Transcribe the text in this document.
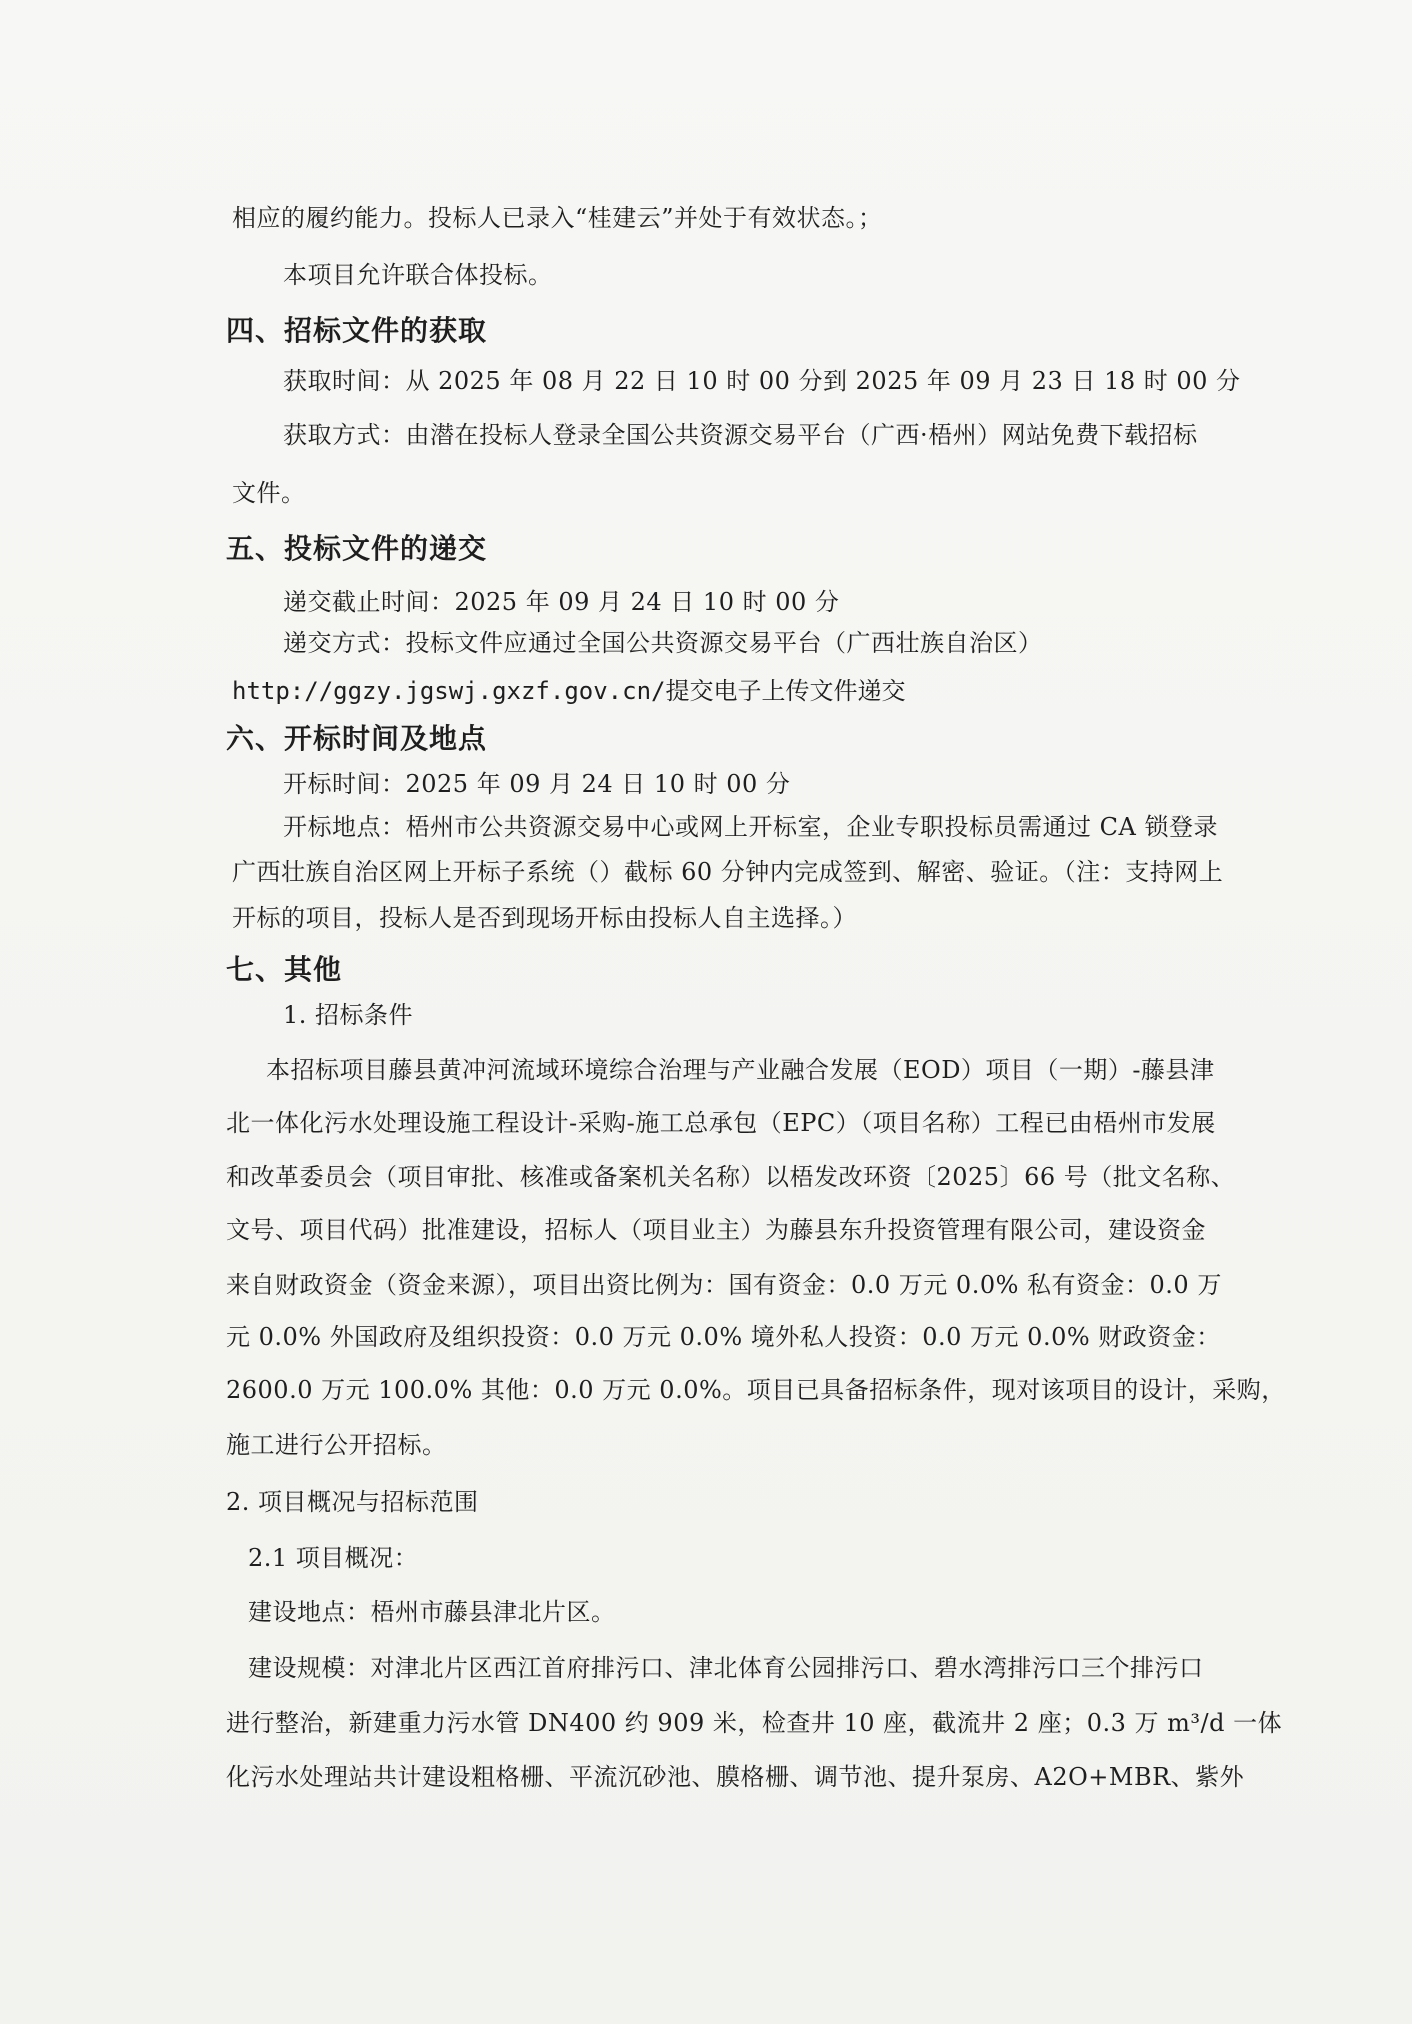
相应的履约能力。投标人已录入“桂建云”并处于有效状态。；
本项目允许联合体投标。
四、招标文件的获取
获取时间：从 2025 年 08 月 22 日 10 时 00 分到 2025 年 09 月 23 日 18 时 00 分
获取方式：由潜在投标人登录全国公共资源交易平台（广西·梧州）网站免费下载招标
文件。
五、投标文件的递交
递交截止时间：2025 年 09 月 24 日 10 时 00 分
递交方式：投标文件应通过全国公共资源交易平台（广西壮族自治区）
http://ggzy.jgswj.gxzf.gov.cn/提交电子上传文件递交
六、开标时间及地点
开标时间：2025 年 09 月 24 日 10 时 00 分
开标地点：梧州市公共资源交易中心或网上开标室，企业专职投标员需通过 CA 锁登录
广西壮族自治区网上开标子系统（）截标 60 分钟内完成签到、解密、验证。（注：支持网上
开标的项目，投标人是否到现场开标由投标人自主选择。）
七、其他
1. 招标条件
本招标项目藤县黄冲河流域环境综合治理与产业融合发展（EOD）项目（一期）-藤县津
北一体化污水处理设施工程设计-采购-施工总承包（EPC）（项目名称）工程已由梧州市发展
和改革委员会（项目审批、核准或备案机关名称）以梧发改环资〔2025〕66 号（批文名称、
文号、项目代码）批准建设，招标人（项目业主）为藤县东升投资管理有限公司，建设资金
来自财政资金（资金来源），项目出资比例为：国有资金：0.0 万元 0.0% 私有资金：0.0 万
元 0.0% 外国政府及组织投资：0.0 万元 0.0% 境外私人投资：0.0 万元 0.0% 财政资金：
2600.0 万元 100.0% 其他：0.0 万元 0.0%。项目已具备招标条件，现对该项目的设计，采购，
施工进行公开招标。
2. 项目概况与招标范围
2.1 项目概况：
建设地点：梧州市藤县津北片区。
建设规模：对津北片区西江首府排污口、津北体育公园排污口、碧水湾排污口三个排污口
进行整治，新建重力污水管 DN400 约 909 米，检查井 10 座，截流井 2 座；0.3 万 m³/d 一体
化污水处理站共计建设粗格栅、平流沉砂池、膜格栅、调节池、提升泵房、A2O+MBR、紫外
